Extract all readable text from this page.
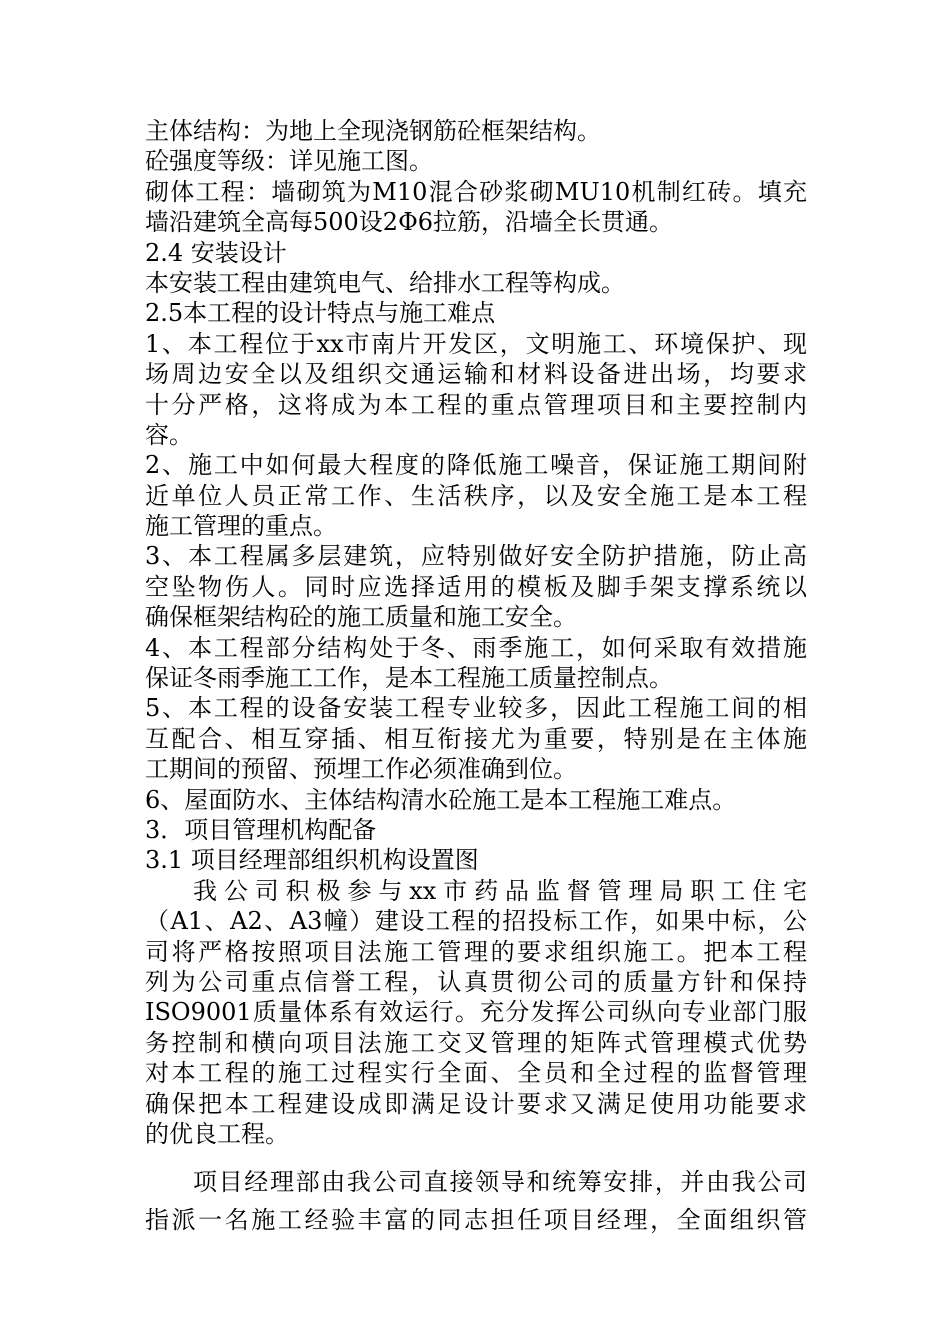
主体结构：为地上全现浇钢筋砼框架结构。
砼强度等级：详见施工图。
砌体工程：墙砌筑为M10混合砂浆砌MU10机制红砖。填充
墙沿建筑全高每500设2Φ6拉筋，沿墙全长贯通。
2.4 安装设计
本安装工程由建筑电气、给排水工程等构成。
2.5本工程的设计特点与施工难点
1、本工程位于xx市南片开发区，文明施工、环境保护、现
场周边安全以及组织交通运输和材料设备进出场，均要求
十分严格，这将成为本工程的重点管理项目和主要控制内
容。
2、施工中如何最大程度的降低施工噪音，保证施工期间附
近单位人员正常工作、生活秩序，以及安全施工是本工程
施工管理的重点。
3、本工程属多层建筑，应特别做好安全防护措施，防止高
空坠物伤人。同时应选择适用的模板及脚手架支撑系统以
确保框架结构砼的施工质量和施工安全。
4、本工程部分结构处于冬、雨季施工，如何采取有效措施
保证冬雨季施工工作，是本工程施工质量控制点。
5、本工程的设备安装工程专业较多，因此工程施工间的相
互配合、相互穿插、相互衔接尤为重要，特别是在主体施
工期间的预留、预埋工作必须准确到位。
6、屋面防水、主体结构清水砼施工是本工程施工难点。
3．项目管理机构配备
3.1 项目经理部组织机构设置图
我公司积极参与xx市药品监督管理局职工住宅
（A1、A2、A3幢）建设工程的招投标工作，如果中标，公
司将严格按照项目法施工管理的要求组织施工。把本工程
列为公司重点信誉工程，认真贯彻公司的质量方针和保持
ISO9001质量体系有效运行。充分发挥公司纵向专业部门服
务控制和横向项目法施工交叉管理的矩阵式管理模式优势
对本工程的施工过程实行全面、全员和全过程的监督管理
确保把本工程建设成即满足设计要求又满足使用功能要求
的优良工程。
项目经理部由我公司直接领导和统筹安排，并由我公司
指派一名施工经验丰富的同志担任项目经理，全面组织管
